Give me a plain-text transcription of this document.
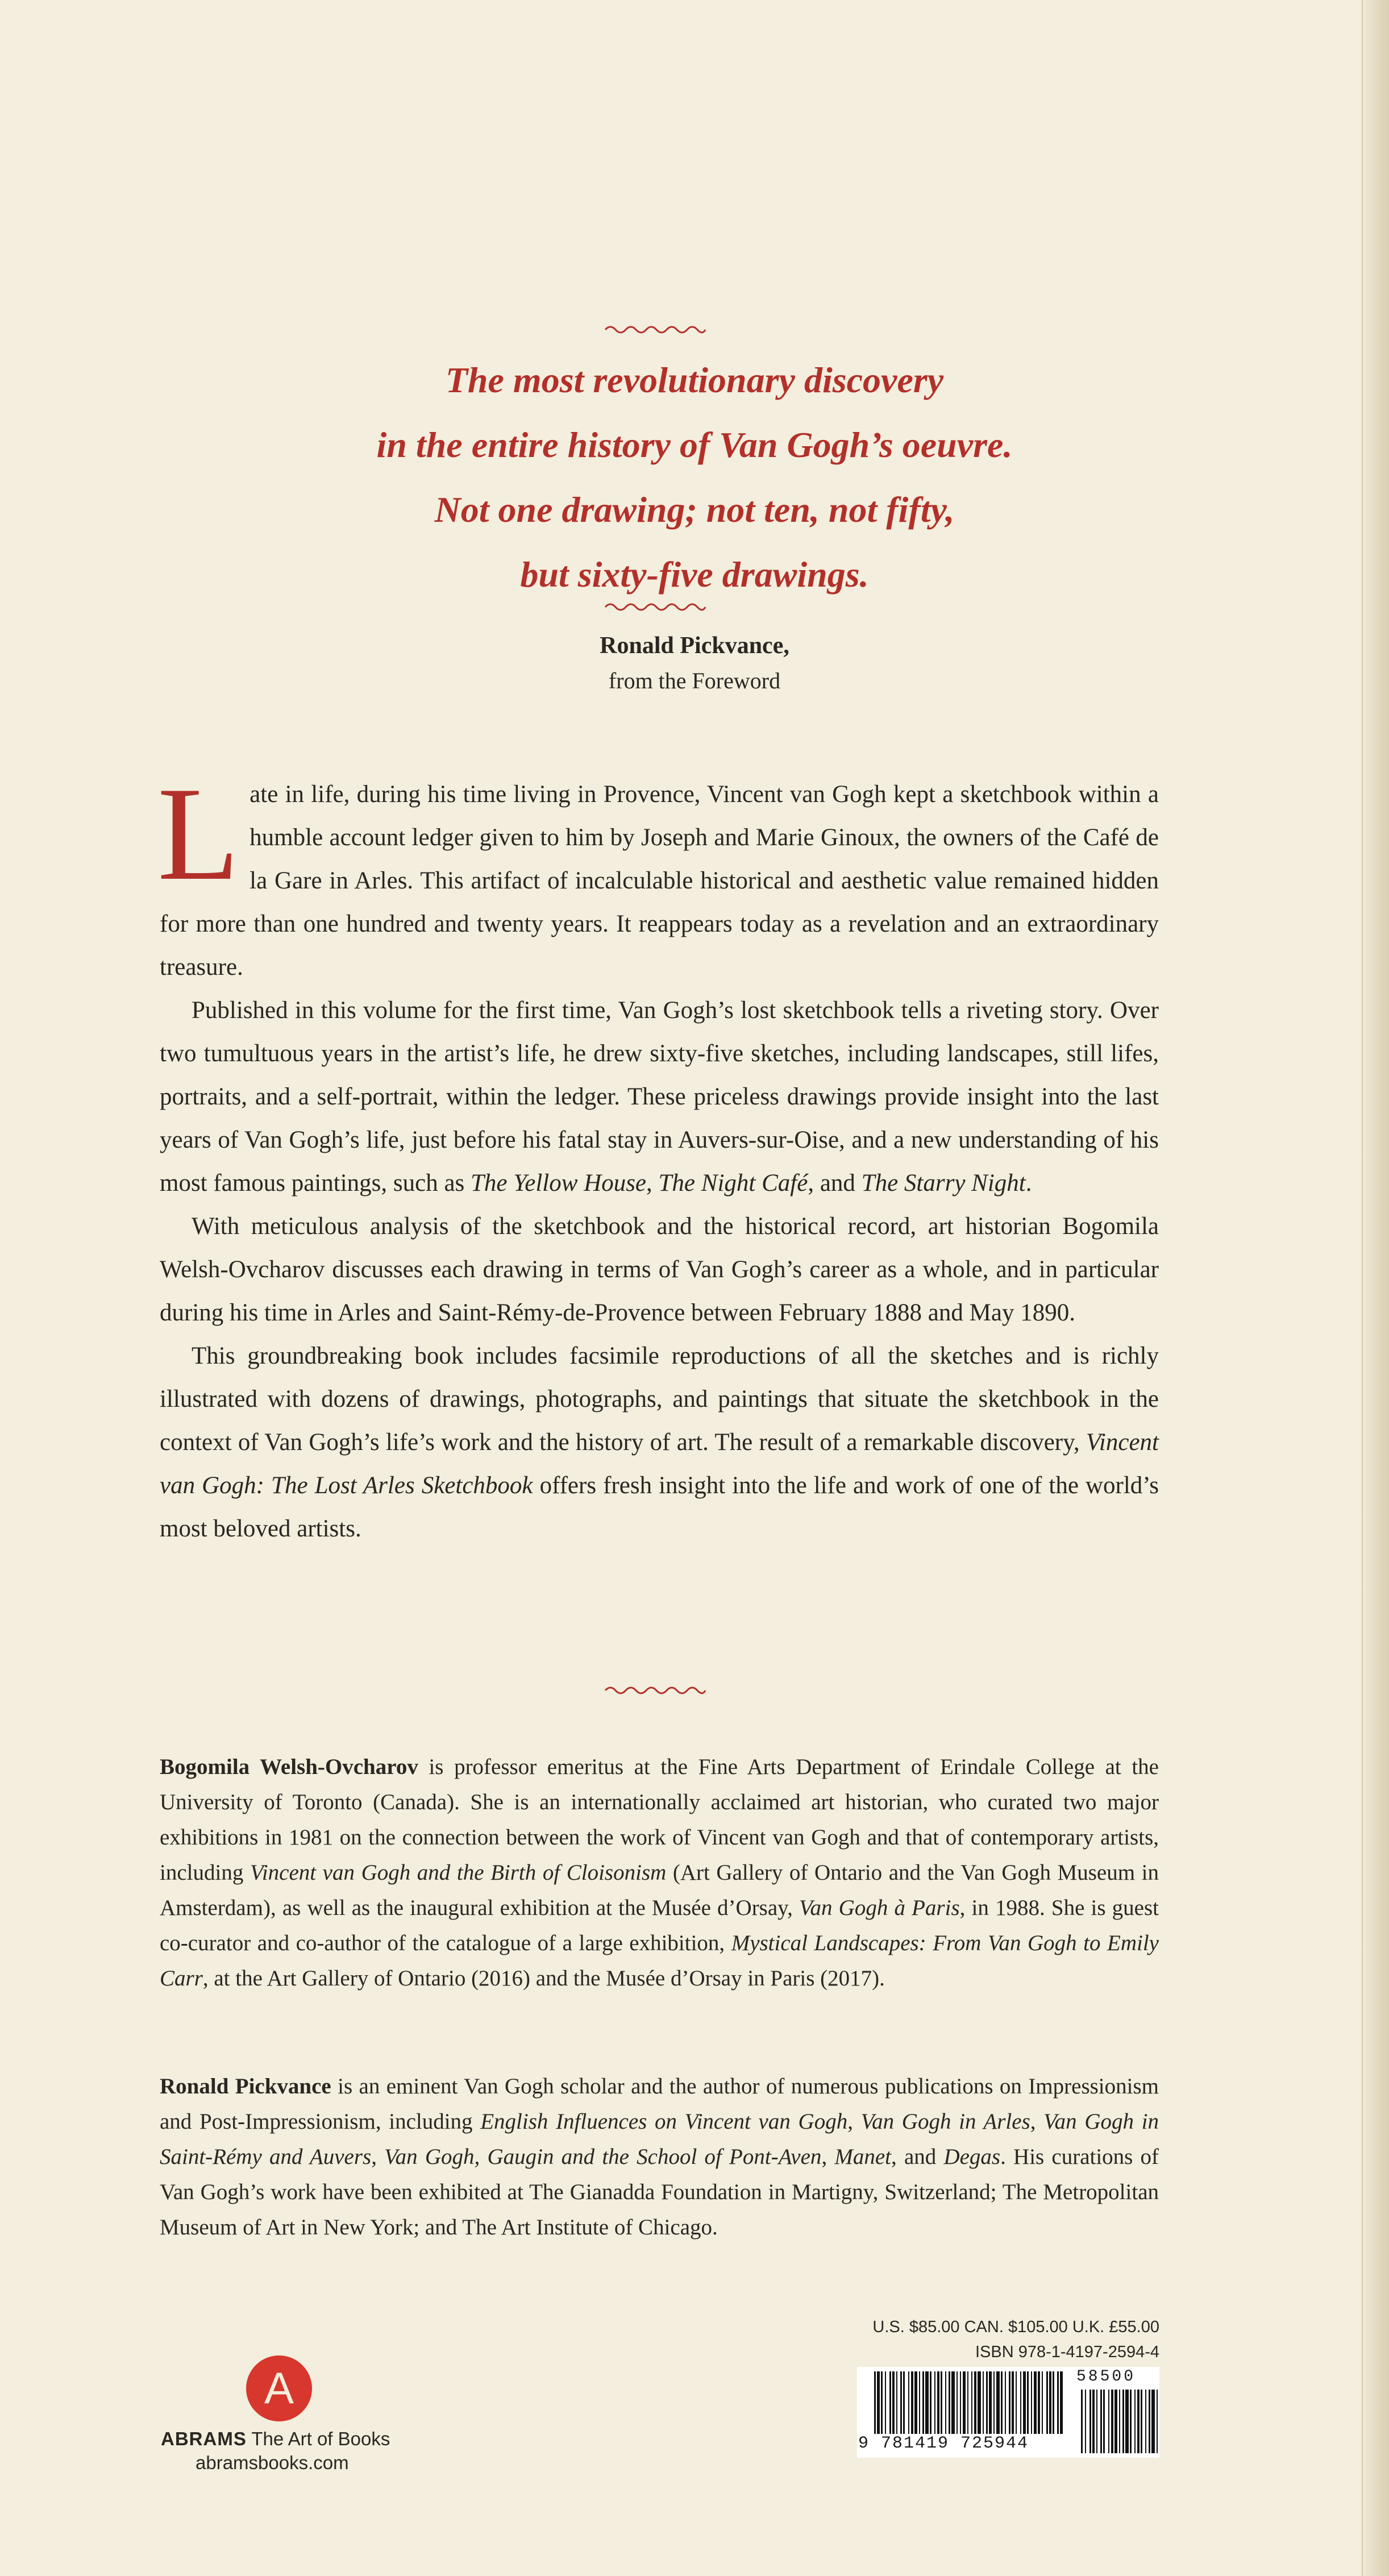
The most revolutionary discovery
in the entire history of Van Gogh’s oeuvre.
Not one drawing; not ten, not fifty,
but sixty-five drawings.
Ronald Pickvance,
from the Foreword

Late in life, during his time living in Provence, Vincent van Gogh kept a sketchbook within a humble account ledger given to him by Joseph and Marie Ginoux, the owners of the Café de la Gare in Arles. This artifact of incalculable historical and aesthetic value remained hidden for more than one hundred and twenty years. It reappears today as a revelation and an extraordinary treasure.

Published in this volume for the first time, Van Gogh’s lost sketchbook tells a riveting story. Over two tumultuous years in the artist’s life, he drew sixty-five sketches, including landscapes, still lifes, portraits, and a self-portrait, within the ledger. These priceless drawings provide insight into the last years of Van Gogh’s life, just before his fatal stay in Auvers-sur-Oise, and a new understanding of his most famous paintings, such as The Yellow House, The Night Café, and The Starry Night.

With meticulous analysis of the sketchbook and the historical record, art historian Bogomila Welsh-Ovcharov discusses each drawing in terms of Van Gogh’s career as a whole, and in particular during his time in Arles and Saint-Rémy-de-Provence between February 1888 and May 1890.

This groundbreaking book includes facsimile reproductions of all the sketches and is richly illustrated with dozens of drawings, photographs, and paintings that situate the sketchbook in the context of Van Gogh’s life’s work and the history of art. The result of a remarkable discovery, Vincent van Gogh: The Lost Arles Sketchbook offers fresh insight into the life and work of one of the world’s most beloved artists.

Bogomila Welsh-Ovcharov is professor emeritus at the Fine Arts Department of Erindale College at the University of Toronto (Canada). She is an internationally acclaimed art historian, who curated two major exhibitions in 1981 on the connection between the work of Vincent van Gogh and that of contemporary artists, including Vincent van Gogh and the Birth of Cloisonism (Art Gallery of Ontario and the Van Gogh Museum in Amsterdam), as well as the inaugural exhibition at the Musée d’Orsay, Van Gogh à Paris, in 1988. She is guest co-curator and co-author of the catalogue of a large exhibition, Mystical Landscapes: From Van Gogh to Emily Carr, at the Art Gallery of Ontario (2016) and the Musée d’Orsay in Paris (2017).

Ronald Pickvance is an eminent Van Gogh scholar and the author of numerous publications on Impressionism and Post-Impressionism, including English Influences on Vincent van Gogh, Van Gogh in Arles, Van Gogh in Saint-Rémy and Auvers, Van Gogh, Gaugin and the School of Pont-Aven, Manet, and Degas. His curations of Van Gogh’s work have been exhibited at The Gianadda Foundation in Martigny, Switzerland; The Metropolitan Museum of Art in New York; and The Art Institute of Chicago.

A
ABRAMS The Art of Books
abramsbooks.com
U.S. $85.00 CAN. $105.00 U.K. £55.00
ISBN 978-1-4197-2594-4
9 781419 725944
58500
